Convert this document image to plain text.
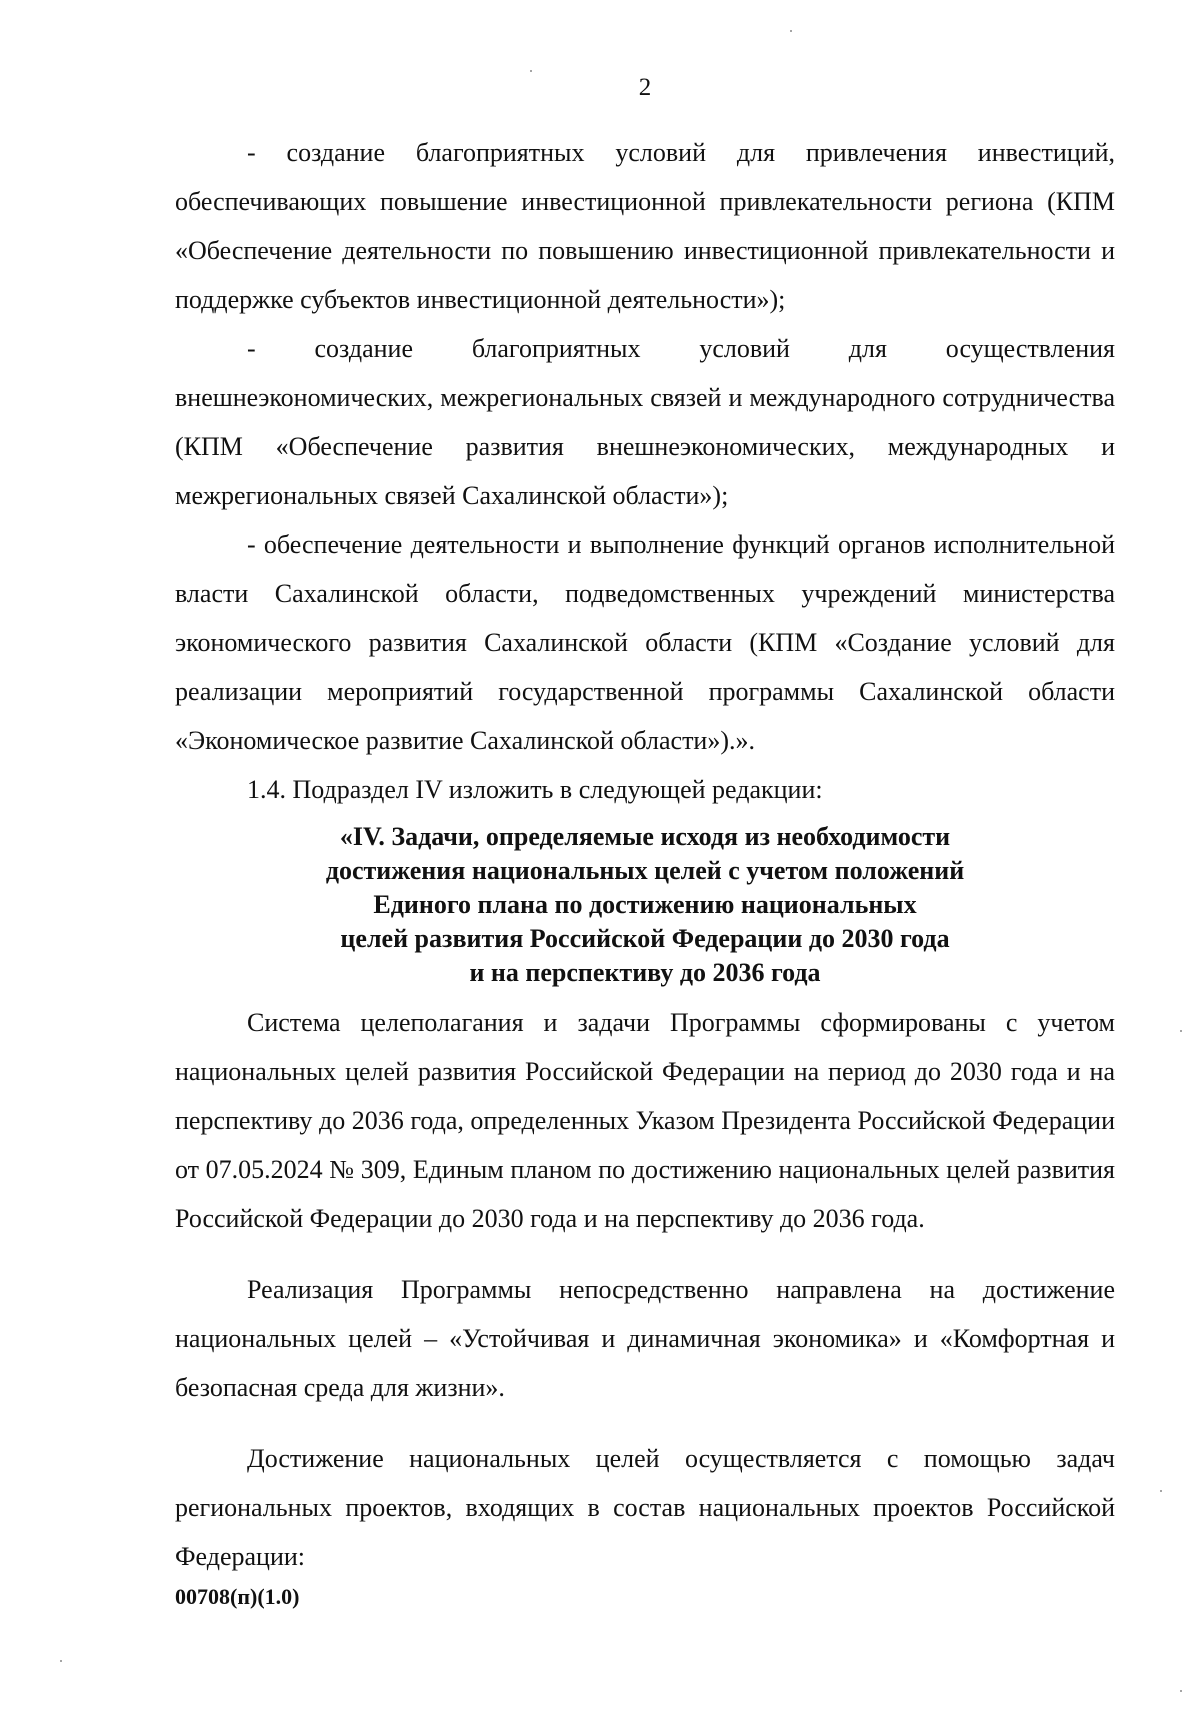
2

- создание благоприятных условий для привлечения инвестиций, обеспечивающих повышение инвестиционной привлекательности региона (КПМ «Обеспечение деятельности по повышению инвестиционной привлекательности и поддержке субъектов инвестиционной деятельности»);

- создание благоприятных условий для осуществления внешнеэкономических, межрегиональных связей и международного сотрудничества (КПМ «Обеспечение развития внешнеэкономических, международных и межрегиональных связей Сахалинской области»);

- обеспечение деятельности и выполнение функций органов исполнительной власти Сахалинской области, подведомственных учреждений министерства экономического развития Сахалинской области (КПМ «Создание условий для реализации мероприятий государственной программы Сахалинской области «Экономическое развитие Сахалинской области»).».

1.4. Подраздел IV изложить в следующей редакции:

«IV. Задачи, определяемые исходя из необходимости
достижения национальных целей с учетом положений
Единого плана по достижению национальных
целей развития Российской Федерации до 2030 года
и на перспективу до 2036 года

Система целеполагания и задачи Программы сформированы с учетом национальных целей развития Российской Федерации на период до 2030 года и на перспективу до 2036 года, определенных Указом Президента Российской Федерации от 07.05.2024 № 309, Единым планом по достижению национальных целей развития Российской Федерации до 2030 года и на перспективу до 2036 года.

Реализация Программы непосредственно направлена на достижение национальных целей – «Устойчивая и динамичная экономика» и «Комфортная и безопасная среда для жизни».

Достижение национальных целей осуществляется с помощью задач региональных проектов, входящих в состав национальных проектов Российской Федерации:

00708(п)(1.0)
